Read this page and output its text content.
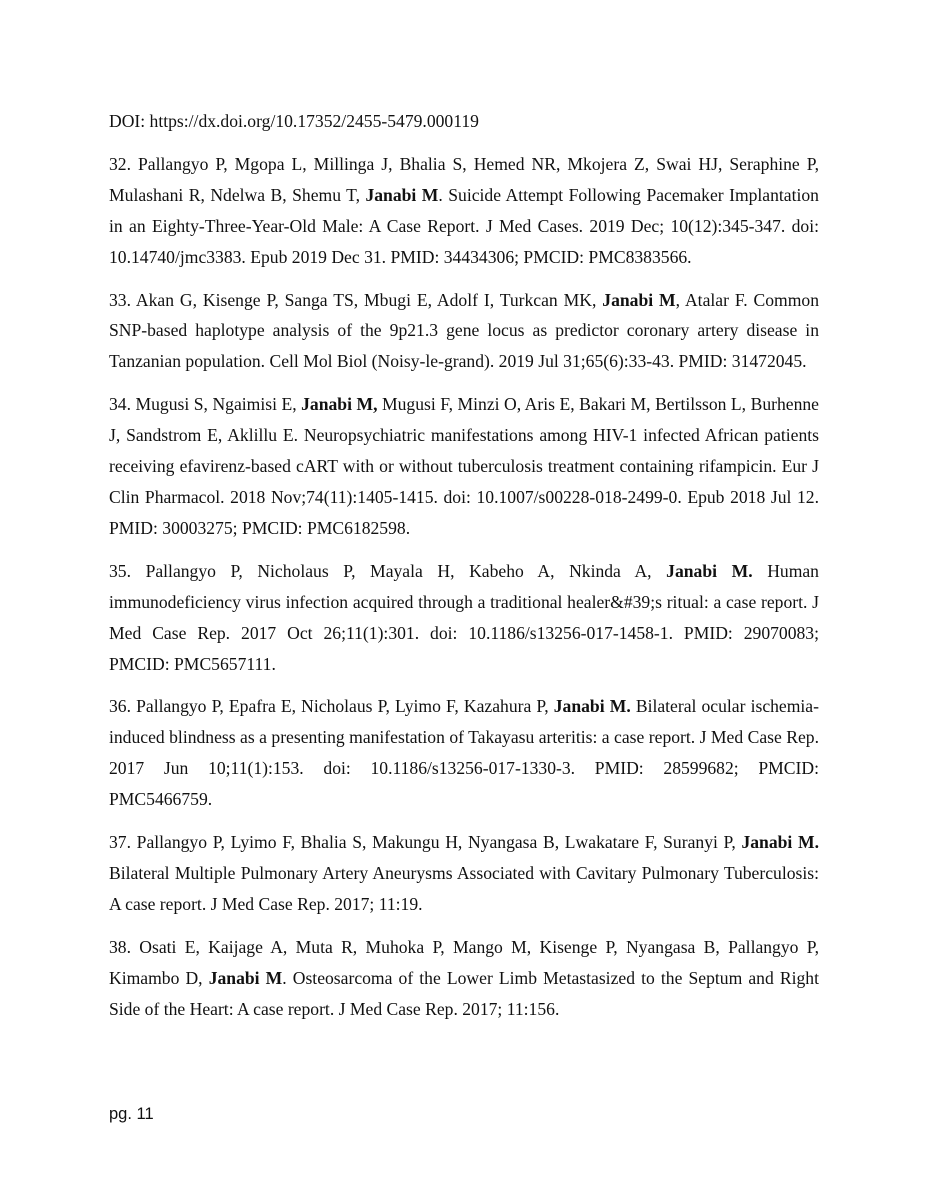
DOI: https://dx.doi.org/10.17352/2455-5479.000119

32. Pallangyo P, Mgopa L, Millinga J, Bhalia S, Hemed NR, Mkojera Z, Swai HJ, Seraphine P, Mulashani R, Ndelwa B, Shemu T, Janabi M. Suicide Attempt Following Pacemaker Implantation in an Eighty-Three-Year-Old Male: A Case Report. J Med Cases. 2019 Dec; 10(12):345-347. doi: 10.14740/jmc3383. Epub 2019 Dec 31. PMID: 34434306; PMCID: PMC8383566.

33. Akan G, Kisenge P, Sanga TS, Mbugi E, Adolf I, Turkcan MK, Janabi M, Atalar F. Common SNP-based haplotype analysis of the 9p21.3 gene locus as predictor coronary artery disease in Tanzanian population. Cell Mol Biol (Noisy-le-grand). 2019 Jul 31;65(6):33-43. PMID: 31472045.

34. Mugusi S, Ngaimisi E, Janabi M, Mugusi F, Minzi O, Aris E, Bakari M, Bertilsson L, Burhenne J, Sandstrom E, Aklillu E. Neuropsychiatric manifestations among HIV-1 infected African patients receiving efavirenz-based cART with or without tuberculosis treatment containing rifampicin. Eur J Clin Pharmacol. 2018 Nov;74(11):1405-1415. doi: 10.1007/s00228-018-2499-0. Epub 2018 Jul 12. PMID: 30003275; PMCID: PMC6182598.

35. Pallangyo P, Nicholaus P, Mayala H, Kabeho A, Nkinda A, Janabi M. Human immunodeficiency virus infection acquired through a traditional healer&#39;s ritual: a case report. J Med Case Rep. 2017 Oct 26;11(1):301. doi: 10.1186/s13256-017-1458-1. PMID: 29070083; PMCID: PMC5657111.

36. Pallangyo P, Epafra E, Nicholaus P, Lyimo F, Kazahura P, Janabi M. Bilateral ocular ischemia-induced blindness as a presenting manifestation of Takayasu arteritis: a case report. J Med Case Rep. 2017 Jun 10;11(1):153. doi: 10.1186/s13256-017-1330-3. PMID: 28599682; PMCID: PMC5466759.

37. Pallangyo P, Lyimo F, Bhalia S, Makungu H, Nyangasa B, Lwakatare F, Suranyi P, Janabi M. Bilateral Multiple Pulmonary Artery Aneurysms Associated with Cavitary Pulmonary Tuberculosis: A case report. J Med Case Rep. 2017; 11:19.

38. Osati E, Kaijage A, Muta R, Muhoka P, Mango M, Kisenge P, Nyangasa B, Pallangyo P, Kimambo D, Janabi M. Osteosarcoma of the Lower Limb Metastasized to the Septum and Right Side of the Heart: A case report. J Med Case Rep. 2017; 11:156.

pg. 11
